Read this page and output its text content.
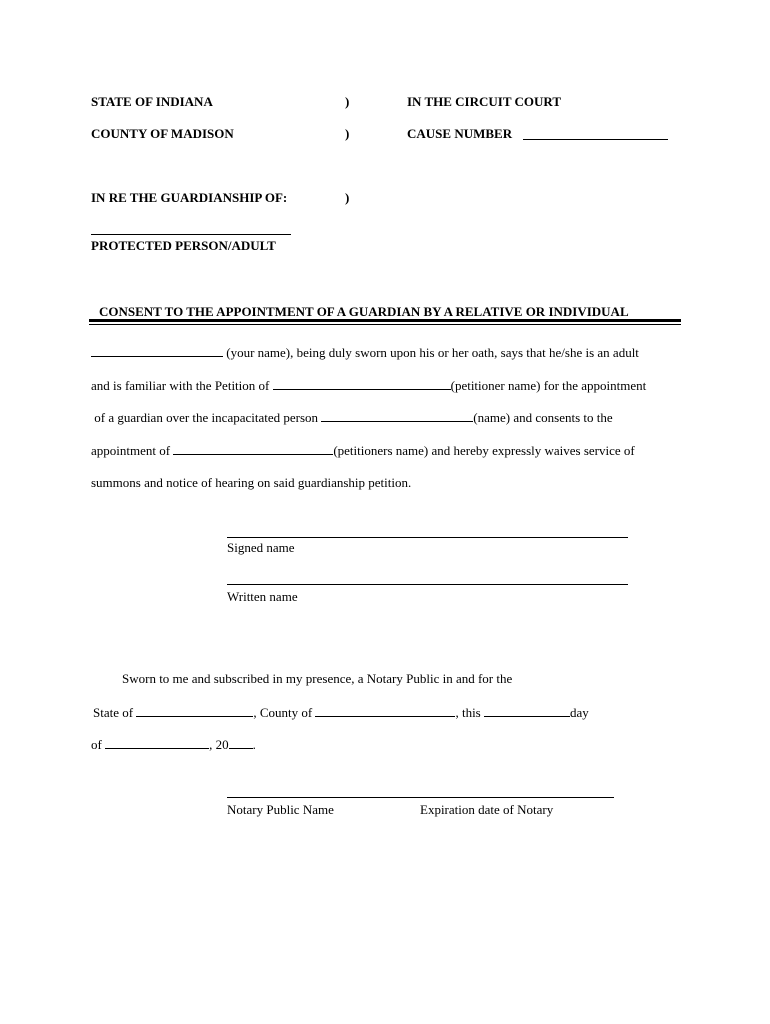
STATE OF INDIANA	)	IN THE CIRCUIT COURT
COUNTY OF MADISON	)	CAUSE NUMBER
IN RE THE GUARDIANSHIP OF:	)
PROTECTED PERSON/ADULT
CONSENT TO THE APPOINTMENT OF A GUARDIAN BY A RELATIVE OR INDIVIDUAL
(your name), being duly sworn upon his or her oath, says that he/she is an adult
and is familiar with the Petition of	(petitioner name) for the appointment
of a guardian over the incapacitated person	(name) and consents to the
appointment of	(petitioners name) and hereby expressly waives service of
summons and notice of hearing on said guardianship petition.
Signed name
Written name
Sworn to me and subscribed in my presence, a Notary Public in and for the
State of	, County of	, this	day
of	, 20 .
Notary Public Name	Expiration date of Notary
